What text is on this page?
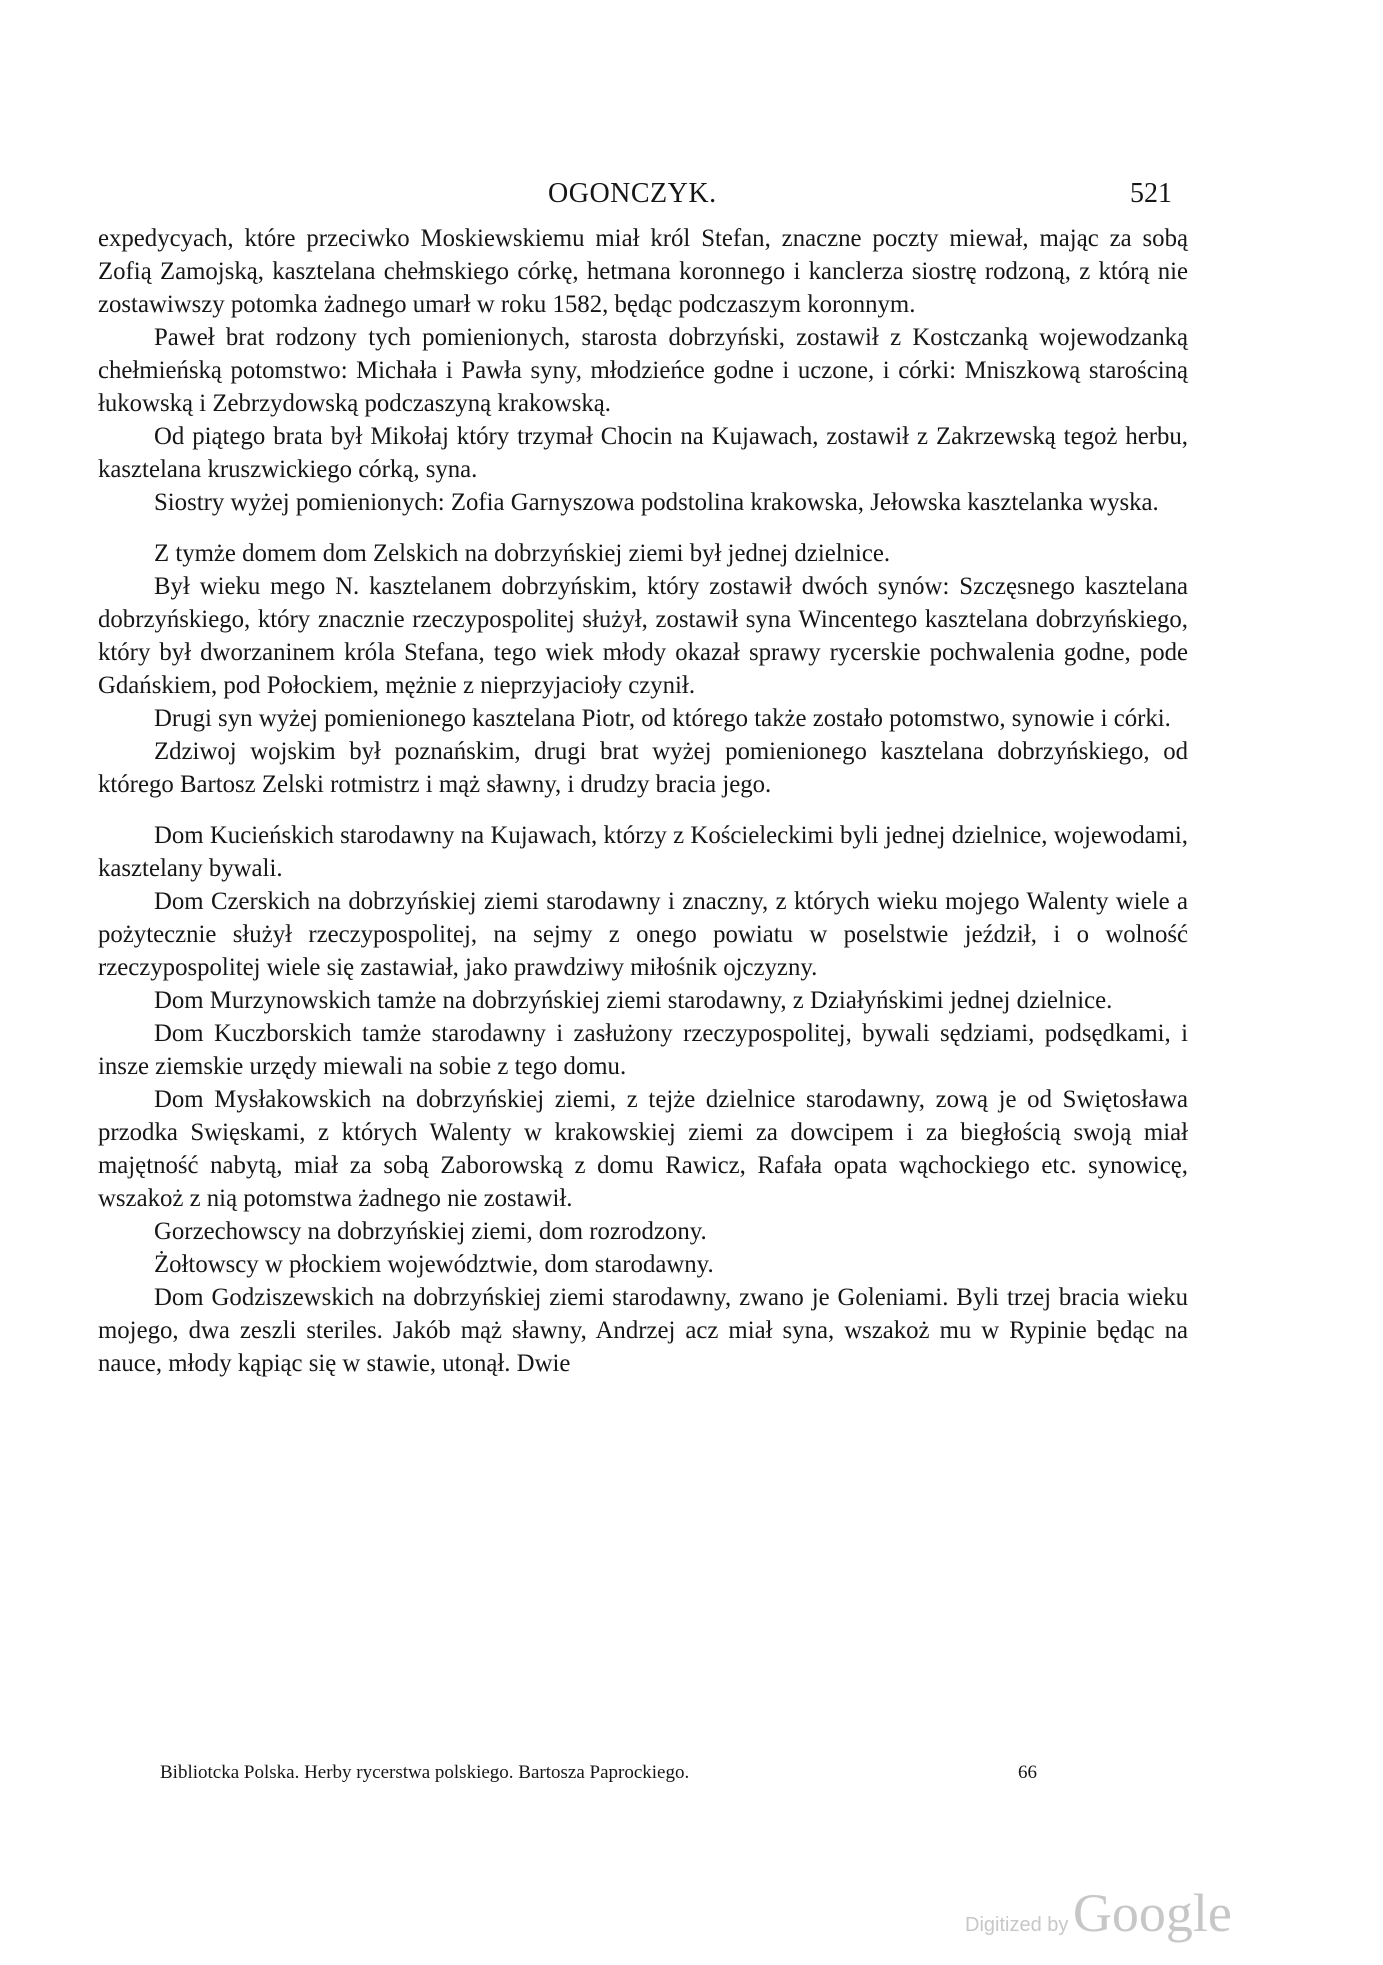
OGONCZYK.	521

expedycyach, które przeciwko Moskiewskiemu miał król Stefan, znaczne poczty miewał, mając za sobą Zofią Zamojską, kasztelana chełmskiego córkę, hetmana koronnego i kanclerza siostrę rodzoną, z którą nie zostawiwszy potomka żadnego umarł w roku 1582, będąc podczaszym koronnym.

Paweł brat rodzony tych pomienionych, starosta dobrzyński, zostawił z Kostczanką wojewodzanką chełmieńską potomstwo: Michała i Pawła syny, młodzieńce godne i uczone, i córki: Mniszkową starościną łukowską i Zebrzydowską podczaszyną krakowską.

Od piątego brata był Mikołaj który trzymał Chocin na Kujawach, zostawił z Zakrzewską tegoż herbu, kasztelana kruszwickiego córką, syna.

Siostry wyżej pomienionych: Zofia Garnyszowa podstolina krakowska, Jełowska kasztelanka wyska.

Z tymże domem dom Zelskich na dobrzyńskiej ziemi był jednej dzielnice.

Był wieku mego N. kasztelanem dobrzyńskim, który zostawił dwóch synów: Szczęsnego kasztelana dobrzyńskiego, który znacznie rzeczypospolitej służył, zostawił syna Wincentego kasztelana dobrzyńskiego, który był dworzaninem króla Stefana, tego wiek młody okazał sprawy rycerskie pochwalenia godne, pode Gdańskiem, pod Połockiem, mężnie z nieprzyjacioły czynił.

Drugi syn wyżej pomienionego kasztelana Piotr, od którego także zostało potomstwo, synowie i córki.

Zdziwoj wojskim był poznańskim, drugi brat wyżej pomienionego kasztelana dobrzyńskiego, od którego Bartosz Zelski rotmistrz i mąż sławny, i drudzy bracia jego.

Dom Kucieńskich starodawny na Kujawach, którzy z Kościeleckimi byli jednej dzielnice, wojewodami, kasztelany bywali.

Dom Czerskich na dobrzyńskiej ziemi starodawny i znaczny, z których wieku mojego Walenty wiele a pożytecznie służył rzeczypospolitej, na sejmy z onego powiatu w poselstwie jeździł, i o wolność rzeczypospolitej wiele się zastawiał, jako prawdziwy miłośnik ojczyzny.

Dom Murzynowskich tamże na dobrzyńskiej ziemi starodawny, z Działyńskimi jednej dzielnice.

Dom Kuczborskich tamże starodawny i zasłużony rzeczypospolitej, bywali sędziami, podsędkami, i insze ziemskie urzędy miewali na sobie z tego domu.

Dom Mysłakowskich na dobrzyńskiej ziemi, z tejże dzielnice starodawny, zową je od Swiętosława przodka Swięskami, z których Walenty w krakowskiej ziemi za dowcipem i za biegłością swoją miał majętność nabytą, miał za sobą Zaborowską z domu Rawicz, Rafała opata wąchockiego etc. synowicę, wszakoż z nią potomstwa żadnego nie zostawił.

Gorzechowscy na dobrzyńskiej ziemi, dom rozrodzony.

Żołtowscy w płockiem województwie, dom starodawny.

Dom Godziszewskich na dobrzyńskiej ziemi starodawny, zwano je Goleniami. Byli trzej bracia wieku mojego, dwa zeszli steriles. Jakób mąż sławny, Andrzej acz miał syna, wszakoż mu w Rypinie będąc na nauce, młody kąpiąc się w stawie, utonął. Dwie

Bibliotcka Polska. Herby rycerstwa polskiego. Bartosza Paprockiego.	66
Digitized by Google
